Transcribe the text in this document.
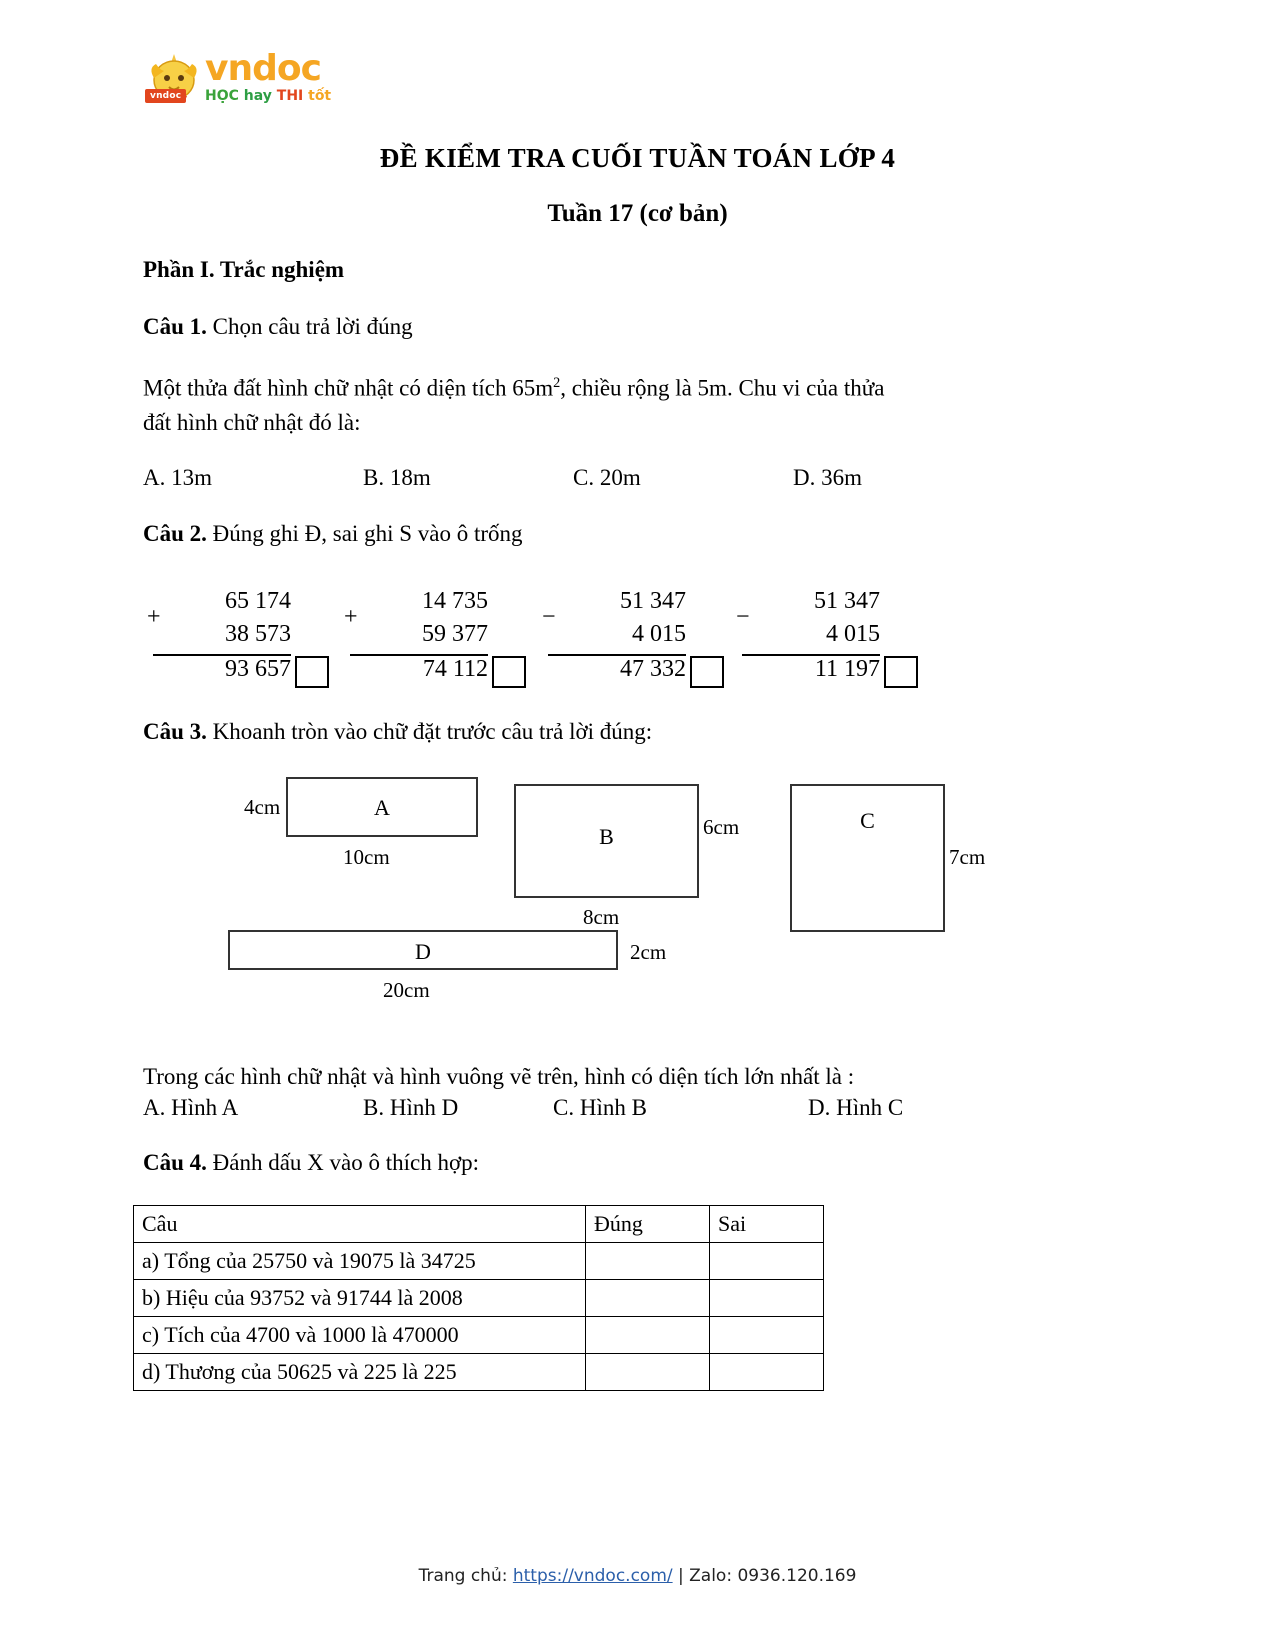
vndoc
vndoc
HỌC hay THI tốt
ĐỀ KIỂM TRA CUỐI TUẦN TOÁN LỚP 4
Tuần 17 (cơ bản)
Phần I. Trắc nghiệm
Câu 1. Chọn câu trả lời đúng
Một thửa đất hình chữ nhật có diện tích $65m^2$, chiều rộng là 5m. Chu vi của thửa
đất hình chữ nhật đó là:
A. 13m	B. 18m	C. 20m	D. 36m
Câu 2. Đúng ghi Đ, sai ghi S vào ô trống
+
65 174
38 573
93 657
+
14 735
59 377
74 112
−
51 347
4 015
47 332
−
51 347
4 015
11 197
Câu 3. Khoanh tròn vào chữ đặt trước câu trả lời đúng:
A
4cm
10cm
B	6cm
8cm
C
7cm
D	2cm
20cm
Trong các hình chữ nhật và hình vuông vẽ trên, hình có diện tích lớn nhất là :
A. Hình A	B. Hình D	C. Hình B	D. Hình C
Câu 4. Đánh dấu X vào ô thích hợp:
Câu	Đúng	Sai
a) Tổng của 25750 và 19075 là 34725		
b) Hiệu của 93752 và 91744 là 2008		
c) Tích của 4700 và 1000 là 470000		
d) Thương của 50625 và 225 là 225		
Trang chủ: https://vndoc.com/ | Zalo: 0936.120.169
